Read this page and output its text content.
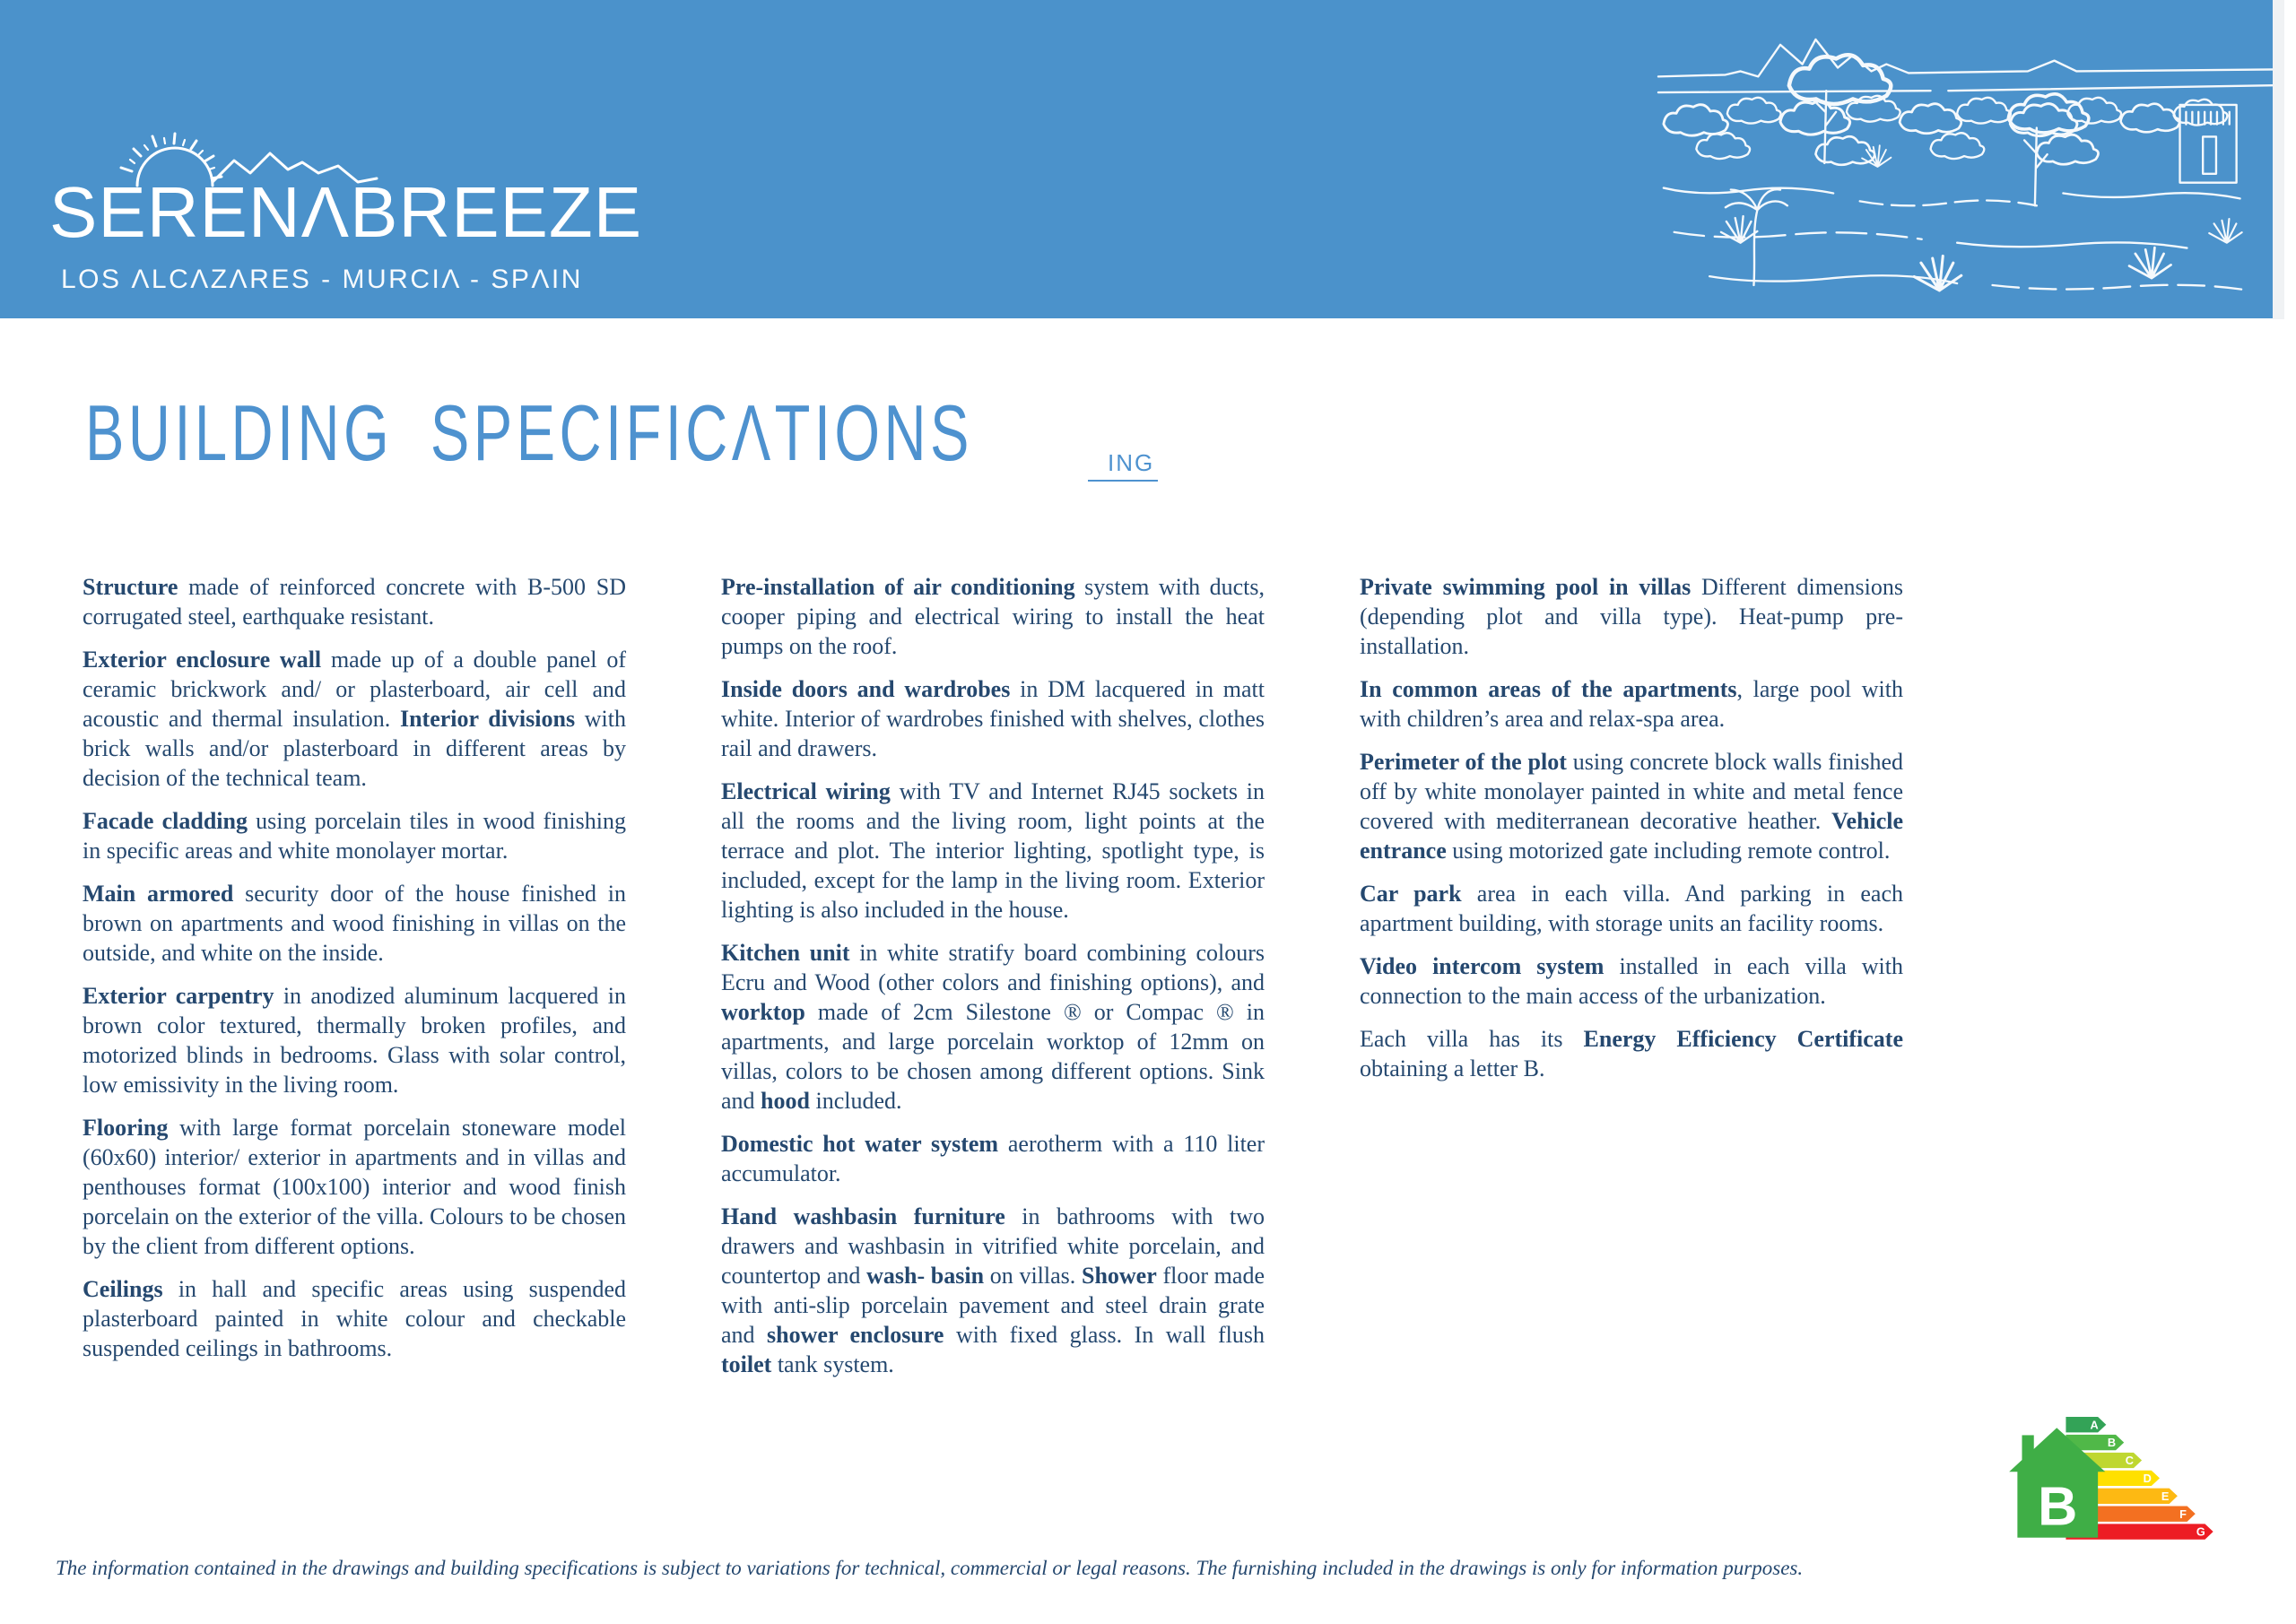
SERENΛBREEZE
LOS ΛLCΛZΛRES - MURCIΛ - SPΛIN
BUILDING SPECIFICΛTIONS	ING

Structure made of reinforced concrete with B-500 SD corrugated steel, earthquake resistant.

Exterior enclosure wall made up of a double panel of ceramic brickwork and/ or plasterboard, air cell and acoustic and thermal insulation. Interior divisions with brick walls and/or plasterboard in different areas by decision of the technical team.

Facade cladding using porcelain tiles in wood finishing in specific areas and white monolayer mortar.

Main armored security door of the house finished in brown on apartments and wood finishing in villas on the outside, and white on the inside.

Exterior carpentry in anodized aluminum lacquered in brown color textured, thermally broken profiles, and motorized blinds in bedrooms. Glass with solar control, low emissivity in the living room.

Flooring with large format porcelain stoneware model (60x60) interior/ exterior in apartments and in villas and penthouses format (100x100) interior and wood finish porcelain on the exterior of the villa. Colours to be chosen by the client from different options.

Ceilings in hall and specific areas using suspended plasterboard painted in white colour and checkable suspended ceilings in bathrooms.

Pre-installation of air conditioning system with ducts, cooper piping and electrical wiring to install the heat pumps on the roof.

Inside doors and wardrobes in DM lacquered in matt white. Interior of wardrobes finished with shelves, clothes rail and drawers.

Electrical wiring with TV and Internet RJ45 sockets in all the rooms and the living room, light points at the terrace and plot. The interior lighting, spotlight type, is included, except for the lamp in the living room. Exterior lighting is also included in the house.

Kitchen unit in white stratify board combining colours Ecru and Wood (other colors and finishing options), and worktop made of 2cm Silestone ® or Compac ® in apartments, and large porcelain worktop of 12mm on villas, colors to be chosen among different options. Sink and hood included.

Domestic hot water system aerotherm with a 110 liter accumulator.

Hand washbasin furniture in bathrooms with two drawers and washbasin in vitrified white porcelain, and countertop and wash- basin on villas. Shower floor made with anti-slip porcelain pavement and steel drain grate and shower enclosure with fixed glass. In wall flush toilet tank system.

Private swimming pool in villas Different dimensions (depending plot and villa type). Heat-pump pre-installation.

In common areas of the apartments, large pool with with children’s area and relax-spa area.

Perimeter of the plot using concrete block walls finished off by white monolayer painted in white and metal fence covered with mediterranean decorative heather. Vehicle entrance using motorized gate including remote control.

Car park area in each villa. And parking in each apartment building, with storage units an facility rooms.

Video intercom system installed in each villa with connection to the main access of the urbanization.

Each villa has its Energy Efficiency Certificate obtaining a letter B.

A
B
C
D
E
F
G
B
The information contained in the drawings and building specifications is subject to variations for technical, commercial or legal reasons. The furnishing included in the drawings is only for information purposes.
